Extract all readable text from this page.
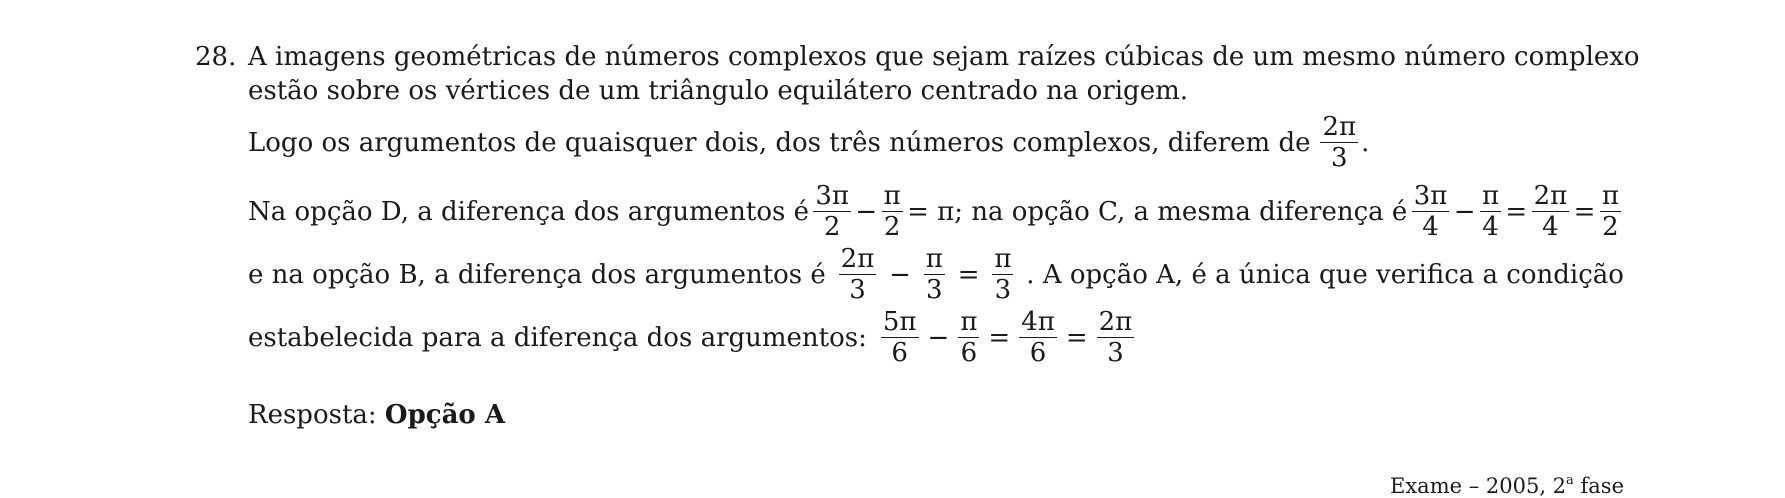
28. A imagens geométricas de números complexos que sejam raízes cúbicas de um mesmo número complexo
estão sobre os vértices de um triângulo equilátero centrado na origem.
Logo os argumentos de quaisquer dois, dos três números complexos, diferem de $\frac{2\pi}{3}$ .
Na opção D, a diferença dos argumentos é $\frac{3\pi}{2} - \frac{\pi}{2} = \pi$; na opção C, a mesma diferença é $\frac{3\pi}{4} - \frac{\pi}{4} = \frac{2\pi}{4} = \frac{\pi}{2}$
e na opção B, a diferença dos argumentos é $\frac{2\pi}{3} - \frac{\pi}{3} = \frac{\pi}{3}$ . A opção A, é a única que verifica a condição
estabelecida para a diferença dos argumentos: $\frac{5\pi}{6} - \frac{\pi}{6} = \frac{4\pi}{6} = \frac{2\pi}{3}$
Resposta: Opção A
Exame – 2005, 2$^a$ fase
